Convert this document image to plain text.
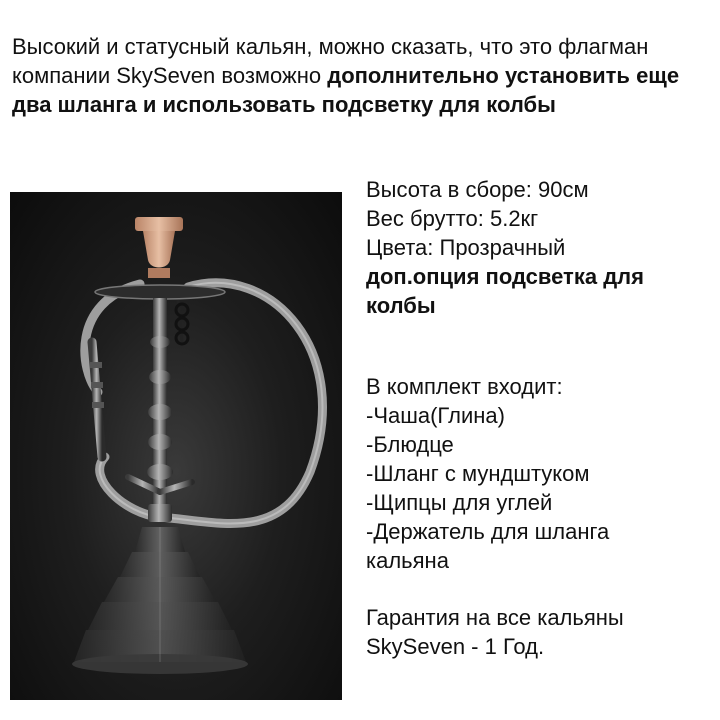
Высокий и статусный кальян, можно сказать, что это флагман компании SkySeven возможно дополнительно установить еще два шланга и использовать подсветку для колбы
Высота в сборе: 90см
Вес брутто: 5.2кг
Цвета: Прозрачный
доп.опция подсветка для
колбы
В комплект входит:
-Чаша(Глина)
-Блюдце
-Шланг с мундштуком
-Щипцы для углей
-Держатель для шланга
кальяна
Гарантия на все кальяны
SkySeven - 1 Год.
